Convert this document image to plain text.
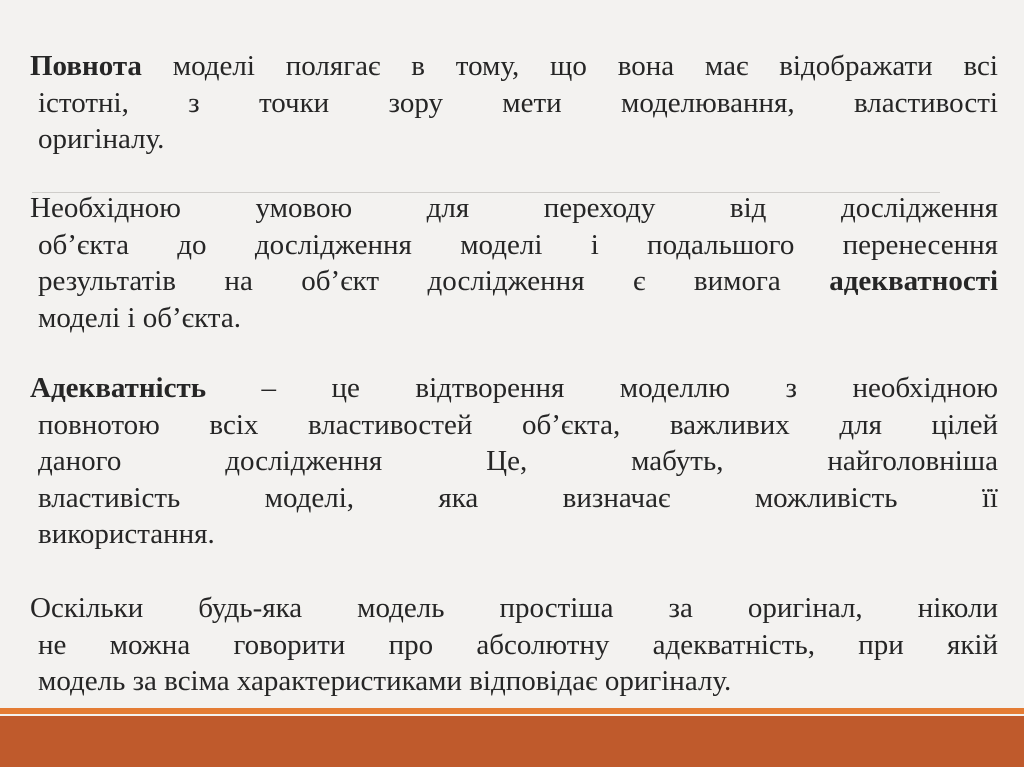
Повнота моделі полягає в тому, що вона має відображати всі
істотні, з точки зору мети моделювання, властивості
оригіналу.
Необхідною умовою для переходу від дослідження
об’єкта до дослідження моделі і подальшого перенесення
результатів на об’єкт дослідження є вимога адекватності
моделі і об’єкта.
Адекватність – це відтворення моделлю з необхідною
повнотою всіх властивостей об’єкта, важливих для цілей
даного дослідження Це, мабуть, найголовніша
властивість моделі, яка визначає можливість її
використання.
Оскільки будь-яка модель простіша за оригінал, ніколи
не можна говорити про абсолютну адекватність, при якій
модель за всіма характеристиками відповідає оригіналу.
